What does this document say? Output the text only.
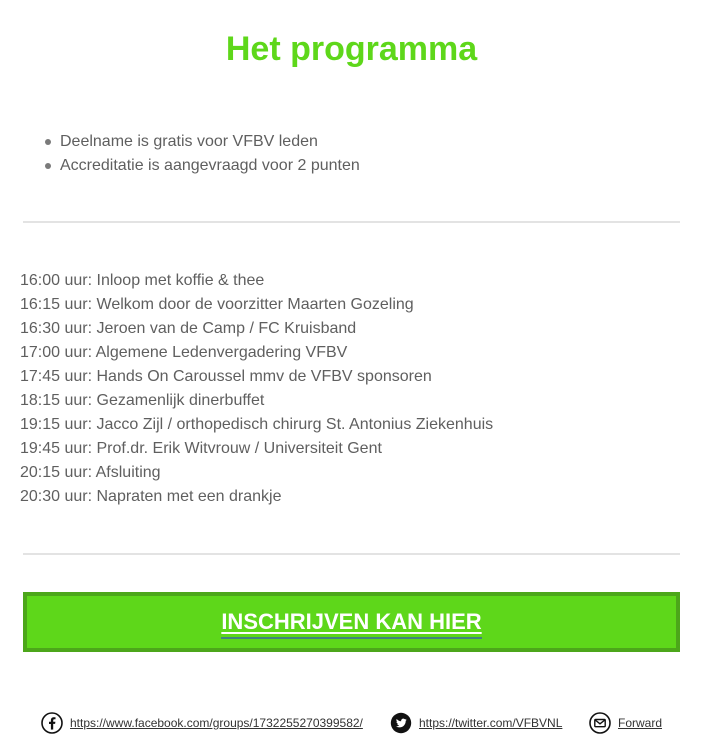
Het programma
Deelname is gratis voor VFBV leden
Accreditatie is aangevraagd voor 2 punten
16:00 uur: Inloop met koffie & thee
16:15 uur: Welkom door de voorzitter Maarten Gozeling
16:30 uur: Jeroen van de Camp / FC Kruisband
17:00 uur: Algemene Ledenvergadering VFBV
17:45 uur: Hands On Caroussel mmv de VFBV sponsoren
18:15 uur: Gezamenlijk dinerbuffet
19:15 uur: Jacco Zijl / orthopedisch chirurg St. Antonius Ziekenhuis
19:45 uur: Prof.dr. Erik Witvrouw / Universiteit Gent
20:15 uur: Afsluiting
20:30 uur: Napraten met een drankje
INSCHRIJVEN KAN HIER
https://www.facebook.com/groups/1732255270399582/	https://twitter.com/VFBVNL	Forward
